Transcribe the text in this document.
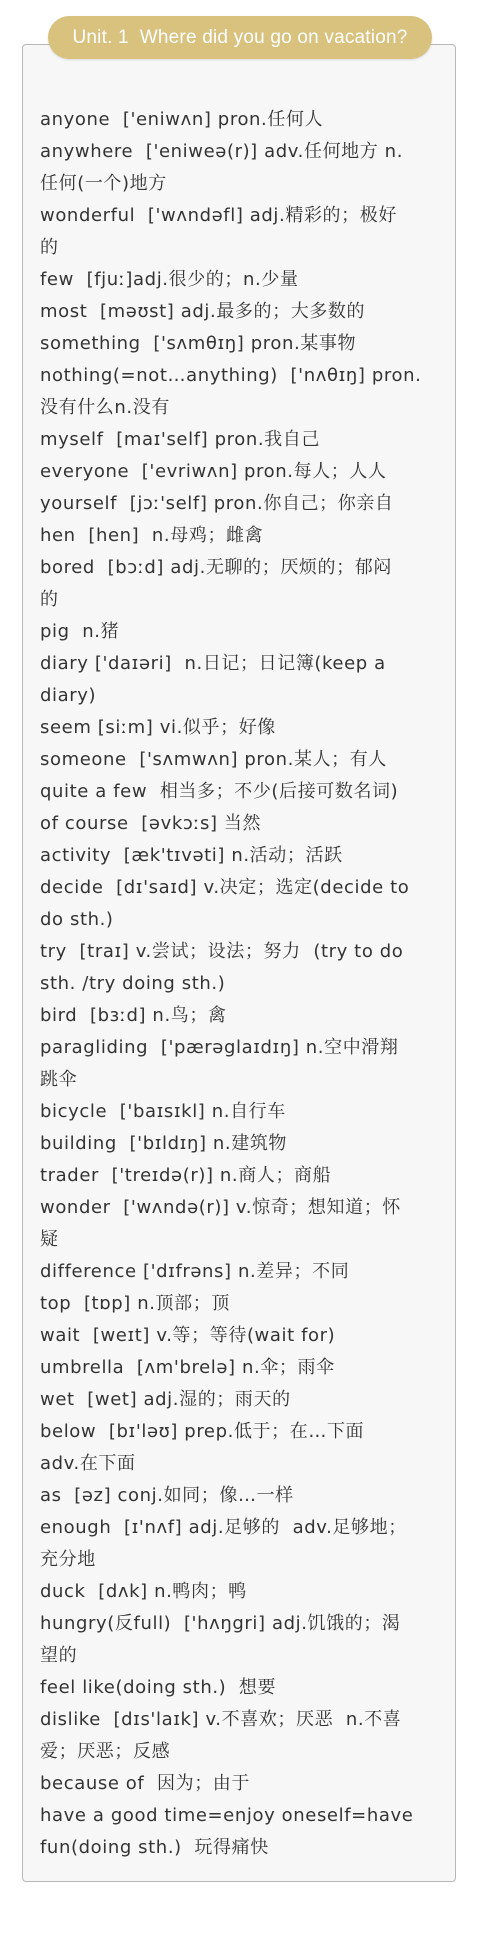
Unit. 1  Where did you go on vacation?
anyone  ['eniwʌn] pron.任何人
anywhere  ['eniweə(r)] adv.任何地方 n.
任何(一个)地方
wonderful  ['wʌndəfl] adj.精彩的；极好
的
few  [fjuː]adj.很少的；n.少量
most  [məʊst] adj.最多的；大多数的
something  ['sʌmθɪŋ] pron.某事物
nothing(=not…anything)  ['nʌθɪŋ] pron.
没有什么n.没有
myself  [maɪ'self] pron.我自己
everyone  ['evriwʌn] pron.每人；人人
yourself  [jɔː'self] pron.你自己；你亲自
hen  [hen]  n.母鸡；雌禽
bored  [bɔːd] adj.无聊的；厌烦的；郁闷
的
pig  n.猪
diary ['daɪəri]  n.日记；日记簿(keep a
diary)
seem [siːm] vi.似乎；好像
someone  ['sʌmwʌn] pron.某人；有人
quite a few  相当多；不少(后接可数名词)
of course  [əvkɔːs] 当然
activity  [æk'tɪvəti] n.活动；活跃
decide  [dɪ'saɪd] v.决定；选定(decide to
do sth.)
try  [traɪ] v.尝试；设法；努力  (try to do
sth. /try doing sth.)
bird  [bɜːd] n.鸟；禽
paragliding  ['pærəglaɪdɪŋ] n.空中滑翔
跳伞
bicycle  ['baɪsɪkl] n.自行车
building  ['bɪldɪŋ] n.建筑物
trader  ['treɪdə(r)] n.商人；商船
wonder  ['wʌndə(r)] v.惊奇；想知道；怀
疑
difference ['dɪfrəns] n.差异；不同
top  [tɒp] n.顶部；顶
wait  [weɪt] v.等；等待(wait for)
umbrella  [ʌm'brelə] n.伞；雨伞
wet  [wet] adj.湿的；雨天的
below  [bɪ'ləʊ] prep.低于；在…下面
adv.在下面
as  [əz] conj.如同；像…一样
enough  [ɪ'nʌf] adj.足够的  adv.足够地；
充分地
duck  [dʌk] n.鸭肉；鸭
hungry(反full)  ['hʌŋgri] adj.饥饿的；渴
望的
feel like(doing sth.)  想要
dislike  [dɪs'laɪk] v.不喜欢；厌恶  n.不喜
爱；厌恶；反感
because of  因为；由于
have a good time=enjoy oneself=have
fun(doing sth.)  玩得痛快
